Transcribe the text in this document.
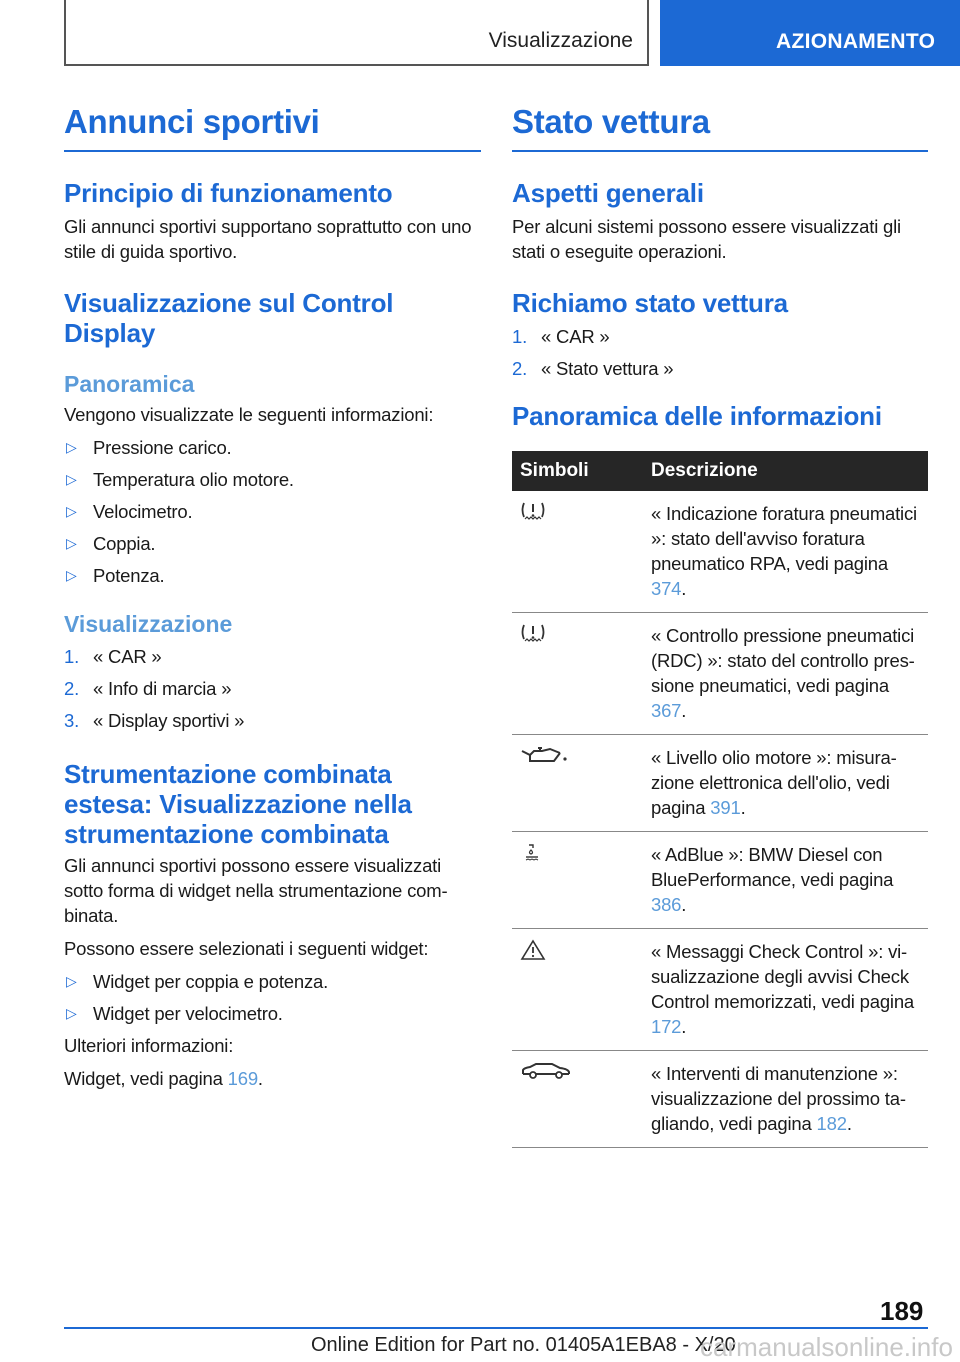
Visualizzazione	AZIONAMENTO
Annunci sportivi
Principio di funzionamento

Gli annunci sportivi supportano soprattutto con uno stile di guida sportivo.

Visualizzazione sul Control Display
Panoramica

Vengono visualizzate le seguenti informazioni:

▷ Pressione carico.
▷ Temperatura olio motore.
▷ Velocimetro.
▷ Coppia.
▷ Potenza.
Visualizzazione
1. « CAR »
2. « Info di marcia »
3. « Display sportivi »
Strumentazione combinata estesa: Visualizzazione nella strumentazione combinata

Gli annunci sportivi possono essere visualizzati sotto forma di widget nella strumentazione combinata.

Possono essere selezionati i seguenti widget:

▷ Widget per coppia e potenza.
▷ Widget per velocimetro.

Ulteriori informazioni:

Widget, vedi pagina 169.

Stato vettura
Aspetti generali

Per alcuni sistemi possono essere visualizzati gli stati o eseguite operazioni.

Richiamo stato vettura
1. « CAR »
2. « Stato vettura »
Panoramica delle informazioni
Simboli	Descrizione
	« Indicazione foratura pneumatici »: stato dell'avviso foratura pneumatico RPA, vedi pagina 374.
	« Controllo pressione pneumatici (RDC) »: stato del controllo pressione pneumatici, vedi pagina 367.
	« Livello olio motore »: misurazione elettronica dell'olio, vedi pagina 391.
	« AdBlue »: BMW Diesel con BluePerformance, vedi pagina 386.
	« Messaggi Check Control »: visualizzazione degli avvisi Check Control memorizzati, vedi pagina 172.
	« Interventi di manutenzione »: visualizzazione del prossimo tagliando, vedi pagina 182.
189
Online Edition for Part no. 01405A1EBA8 - X/20
carmanualsonline.info
